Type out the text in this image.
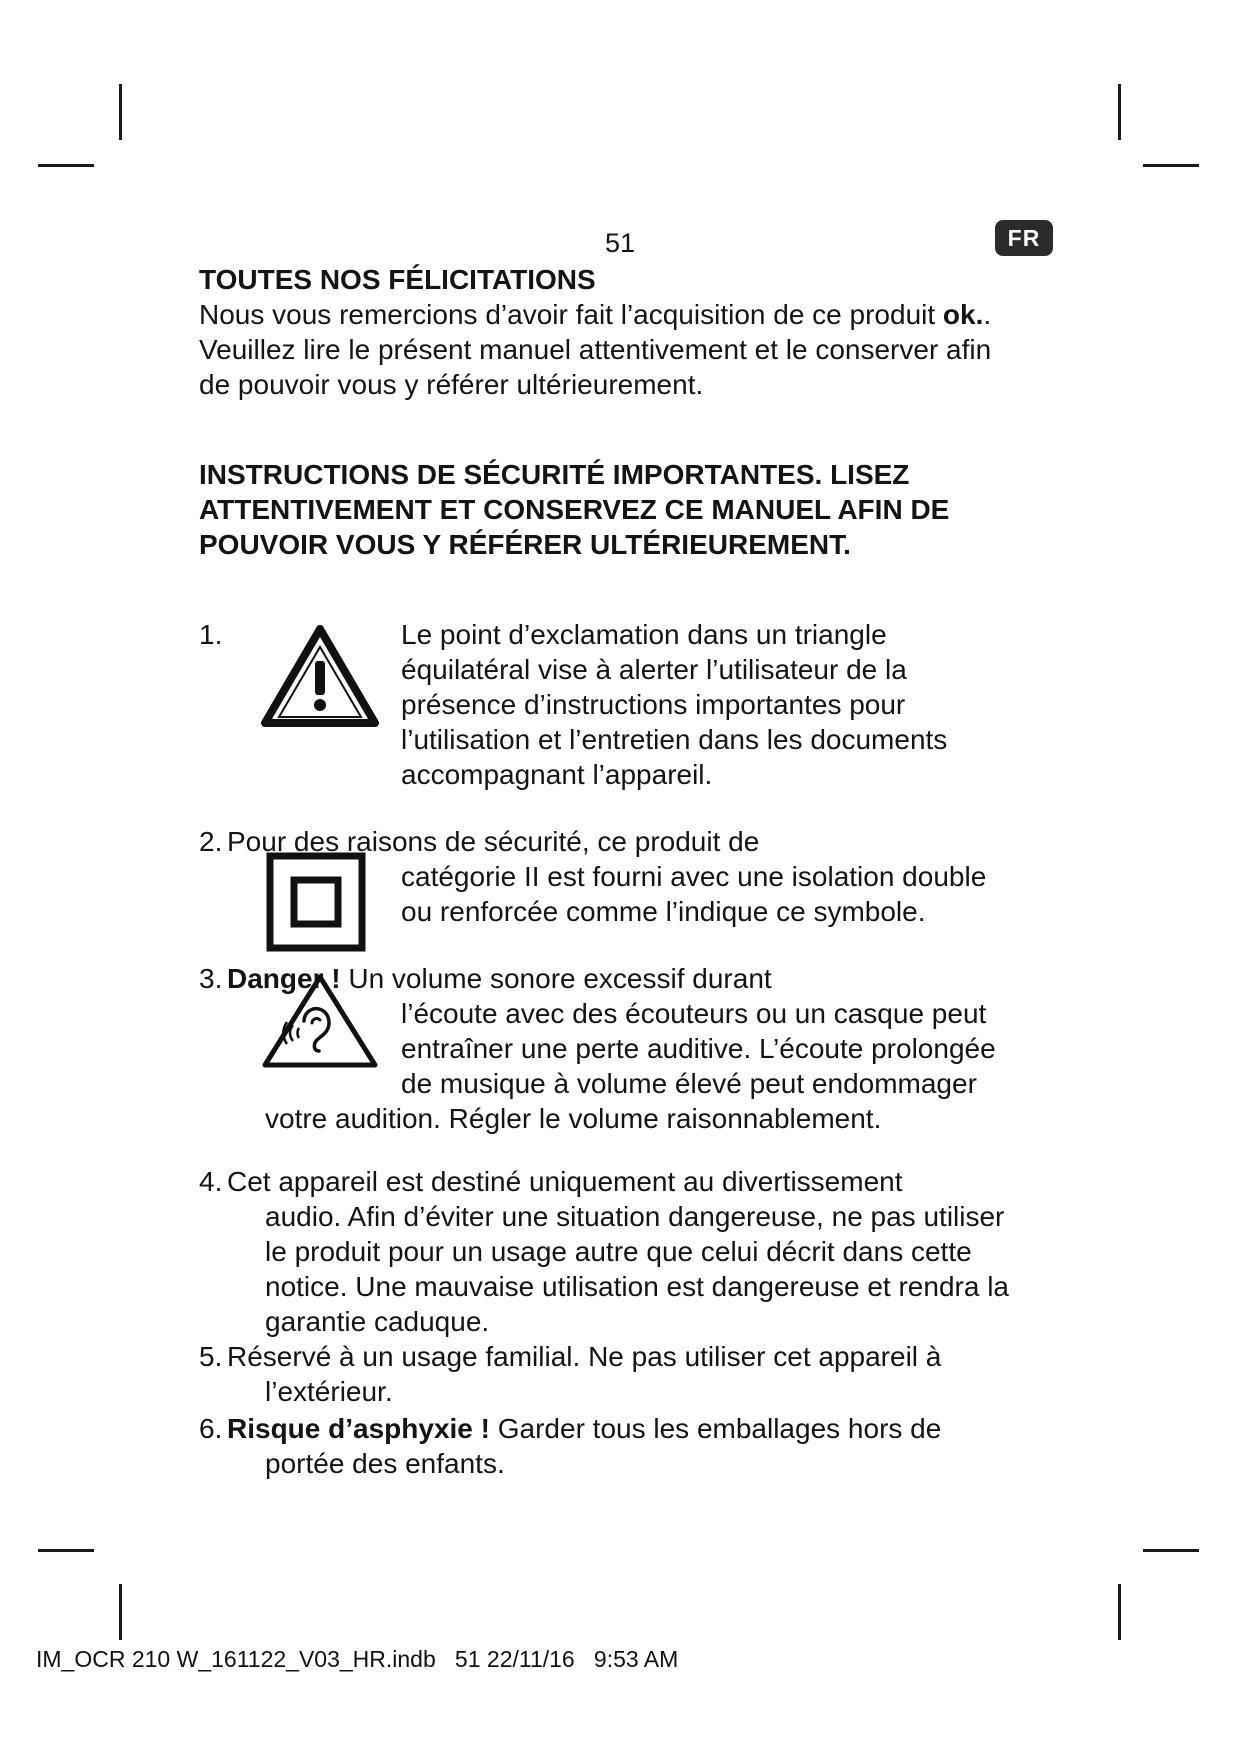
51	FR

TOUTES NOS FÉLICITATIONS

Nous vous remercions d’avoir fait l’acquisition de ce produit ok..

Veuillez lire le présent manuel attentivement et le conserver afin

de pouvoir vous y référer ultérieurement.

INSTRUCTIONS DE SÉCURITÉ IMPORTANTES. LISEZ

ATTENTIVEMENT ET CONSERVEZ CE MANUEL AFIN DE

POUVOIR VOUS Y RÉFÉRER ULTÉRIEUREMENT.

1.	Le point d’exclamation dans un triangle

équilatéral vise à alerter l’utilisateur de la

présence d’instructions importantes pour

l’utilisation et l’entretien dans les documents

accompagnant l’appareil.

2. Pour des raisons de sécurité, ce produit de

catégorie II est fourni avec une isolation double

ou renforcée comme l’indique ce symbole.

3. Danger ! Un volume sonore excessif durant

l’écoute avec des écouteurs ou un casque peut

entraîner une perte auditive. L’écoute prolongée

de musique à volume élevé peut endommager

votre audition. Régler le volume raisonnablement.

4. Cet appareil est destiné uniquement au divertissement

audio. Afin d’éviter une situation dangereuse, ne pas utiliser

le produit pour un usage autre que celui décrit dans cette

notice. Une mauvaise utilisation est dangereuse et rendra la

garantie caduque.

5. Réservé à un usage familial. Ne pas utiliser cet appareil à

l’extérieur.

6. Risque d’asphyxie ! Garder tous les emballages hors de

portée des enfants.

IM_OCR 210 W_161122_V03_HR.indb 51 22/11/16 9:53 AM
